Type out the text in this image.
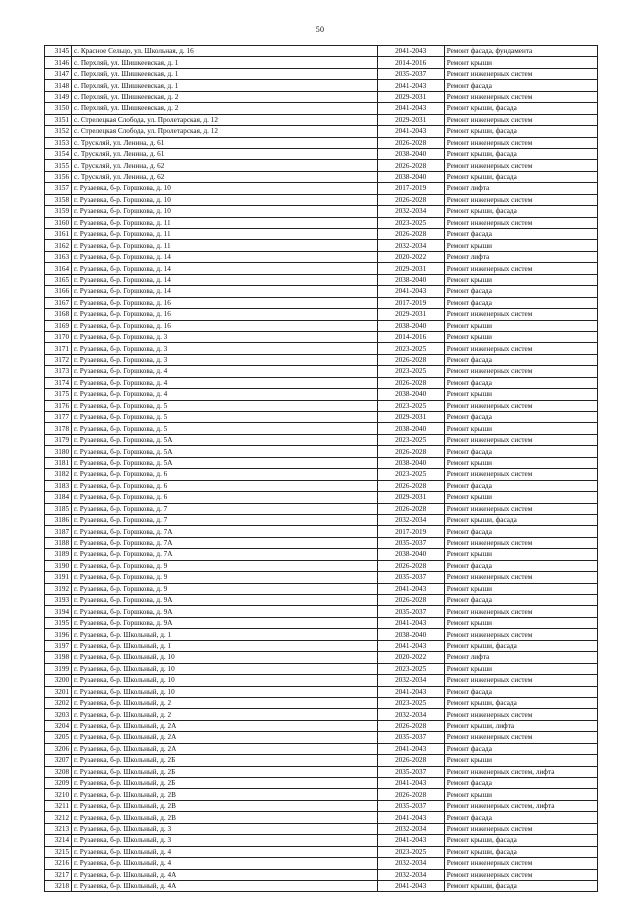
50
3145	с. Красное Сельцо, ул. Школьная, д. 16	2041-2043	Ремонт фасада, фундамента
3146	с. Перхляй, ул. Шишкеевская, д. 1	2014-2016	Ремонт крыши
3147	с. Перхляй, ул. Шишкеевская, д. 1	2035-2037	Ремонт инженерных систем
3148	с. Перхляй, ул. Шишкеевская, д. 1	2041-2043	Ремонт фасада
3149	с. Перхляй, ул. Шишкеевская, д. 2	2029-2031	Ремонт инженерных систем
3150	с. Перхляй, ул. Шишкеевская, д. 2	2041-2043	Ремонт крыши, фасада
3151	с. Стрелецкая Слобода, ул. Пролетарская, д. 12	2029-2031	Ремонт инженерных систем
3152	с. Стрелецкая Слобода, ул. Пролетарская, д. 12	2041-2043	Ремонт крыши, фасада
3153	с. Трускляй, ул. Ленина, д. 61	2026-2028	Ремонт инженерных систем
3154	с. Трускляй, ул. Ленина, д. 61	2038-2040	Ремонт крыши, фасада
3155	с. Трускляй, ул. Ленина, д. 62	2026-2028	Ремонт инженерных систем
3156	с. Трускляй, ул. Ленина, д. 62	2038-2040	Ремонт крыши, фасада
3157	г. Рузаевка, б-р. Горшкова, д. 10	2017-2019	Ремонт лифта
3158	г. Рузаевка, б-р. Горшкова, д. 10	2026-2028	Ремонт инженерных систем
3159	г. Рузаевка, б-р. Горшкова, д. 10	2032-2034	Ремонт крыши, фасада
3160	г. Рузаевка, б-р. Горшкова, д. 11	2023-2025	Ремонт инженерных систем
3161	г. Рузаевка, б-р. Горшкова, д. 11	2026-2028	Ремонт фасада
3162	г. Рузаевка, б-р. Горшкова, д. 11	2032-2034	Ремонт крыши
3163	г. Рузаевка, б-р. Горшкова, д. 14	2020-2022	Ремонт лифта
3164	г. Рузаевка, б-р. Горшкова, д. 14	2029-2031	Ремонт инженерных систем
3165	г. Рузаевка, б-р. Горшкова, д. 14	2038-2040	Ремонт крыши
3166	г. Рузаевка, б-р. Горшкова, д. 14	2041-2043	Ремонт фасада
3167	г. Рузаевка, б-р. Горшкова, д. 16	2017-2019	Ремонт фасада
3168	г. Рузаевка, б-р. Горшкова, д. 16	2029-2031	Ремонт инженерных систем
3169	г. Рузаевка, б-р. Горшкова, д. 16	2038-2040	Ремонт крыши
3170	г. Рузаевка, б-р. Горшкова, д. 3	2014-2016	Ремонт крыши
3171	г. Рузаевка, б-р. Горшкова, д. 3	2023-2025	Ремонт инженерных систем
3172	г. Рузаевка, б-р. Горшкова, д. 3	2026-2028	Ремонт фасада
3173	г. Рузаевка, б-р. Горшкова, д. 4	2023-2025	Ремонт инженерных систем
3174	г. Рузаевка, б-р. Горшкова, д. 4	2026-2028	Ремонт фасада
3175	г. Рузаевка, б-р. Горшкова, д. 4	2038-2040	Ремонт крыши
3176	г. Рузаевка, б-р. Горшкова, д. 5	2023-2025	Ремонт инженерных систем
3177	г. Рузаевка, б-р. Горшкова, д. 5	2029-2031	Ремонт фасада
3178	г. Рузаевка, б-р. Горшкова, д. 5	2038-2040	Ремонт крыши
3179	г. Рузаевка, б-р. Горшкова, д. 5А	2023-2025	Ремонт инженерных систем
3180	г. Рузаевка, б-р. Горшкова, д. 5А	2026-2028	Ремонт фасада
3181	г. Рузаевка, б-р. Горшкова, д. 5А	2038-2040	Ремонт крыши
3182	г. Рузаевка, б-р. Горшкова, д. 6	2023-2025	Ремонт инженерных систем
3183	г. Рузаевка, б-р. Горшкова, д. 6	2026-2028	Ремонт фасада
3184	г. Рузаевка, б-р. Горшкова, д. 6	2029-2031	Ремонт крыши
3185	г. Рузаевка, б-р. Горшкова, д. 7	2026-2028	Ремонт инженерных систем
3186	г. Рузаевка, б-р. Горшкова, д. 7	2032-2034	Ремонт крыши, фасада
3187	г. Рузаевка, б-р. Горшкова, д. 7А	2017-2019	Ремонт фасада
3188	г. Рузаевка, б-р. Горшкова, д. 7А	2035-2037	Ремонт инженерных систем
3189	г. Рузаевка, б-р. Горшкова, д. 7А	2038-2040	Ремонт крыши
3190	г. Рузаевка, б-р. Горшкова, д. 9	2026-2028	Ремонт фасада
3191	г. Рузаевка, б-р. Горшкова, д. 9	2035-2037	Ремонт инженерных систем
3192	г. Рузаевка, б-р. Горшкова, д. 9	2041-2043	Ремонт крыши
3193	г. Рузаевка, б-р. Горшкова, д. 9А	2026-2028	Ремонт фасада
3194	г. Рузаевка, б-р. Горшкова, д. 9А	2035-2037	Ремонт инженерных систем
3195	г. Рузаевка, б-р. Горшкова, д. 9А	2041-2043	Ремонт крыши
3196	г. Рузаевка, б-р. Школьный, д. 1	2038-2040	Ремонт инженерных систем
3197	г. Рузаевка, б-р. Школьный, д. 1	2041-2043	Ремонт крыши, фасада
3198	г. Рузаевка, б-р. Школьный, д. 10	2020-2022	Ремонт лифта
3199	г. Рузаевка, б-р. Школьный, д. 10	2023-2025	Ремонт крыши
3200	г. Рузаевка, б-р. Школьный, д. 10	2032-2034	Ремонт инженерных систем
3201	г. Рузаевка, б-р. Школьный, д. 10	2041-2043	Ремонт фасада
3202	г. Рузаевка, б-р. Школьный, д. 2	2023-2025	Ремонт крыши, фасада
3203	г. Рузаевка, б-р. Школьный, д. 2	2032-2034	Ремонт инженерных систем
3204	г. Рузаевка, б-р. Школьный, д. 2А	2026-2028	Ремонт крыши, лифта
3205	г. Рузаевка, б-р. Школьный, д. 2А	2035-2037	Ремонт инженерных систем
3206	г. Рузаевка, б-р. Школьный, д. 2А	2041-2043	Ремонт фасада
3207	г. Рузаевка, б-р. Школьный, д. 2Б	2026-2028	Ремонт крыши
3208	г. Рузаевка, б-р. Школьный, д. 2Б	2035-2037	Ремонт инженерных систем, лифта
3209	г. Рузаевка, б-р. Школьный, д. 2Б	2041-2043	Ремонт фасада
3210	г. Рузаевка, б-р. Школьный, д. 2В	2026-2028	Ремонт крыши
3211	г. Рузаевка, б-р. Школьный, д. 2В	2035-2037	Ремонт инженерных систем, лифта
3212	г. Рузаевка, б-р. Школьный, д. 2В	2041-2043	Ремонт фасада
3213	г. Рузаевка, б-р. Школьный, д. 3	2032-2034	Ремонт инженерных систем
3214	г. Рузаевка, б-р. Школьный, д. 3	2041-2043	Ремонт крыши, фасада
3215	г. Рузаевка, б-р. Школьный, д. 4	2023-2025	Ремонт крыши, фасада
3216	г. Рузаевка, б-р. Школьный, д. 4	2032-2034	Ремонт инженерных систем
3217	г. Рузаевка, б-р. Школьный, д. 4А	2032-2034	Ремонт инженерных систем
3218	г. Рузаевка, б-р. Школьный, д. 4А	2041-2043	Ремонт крыши, фасада
